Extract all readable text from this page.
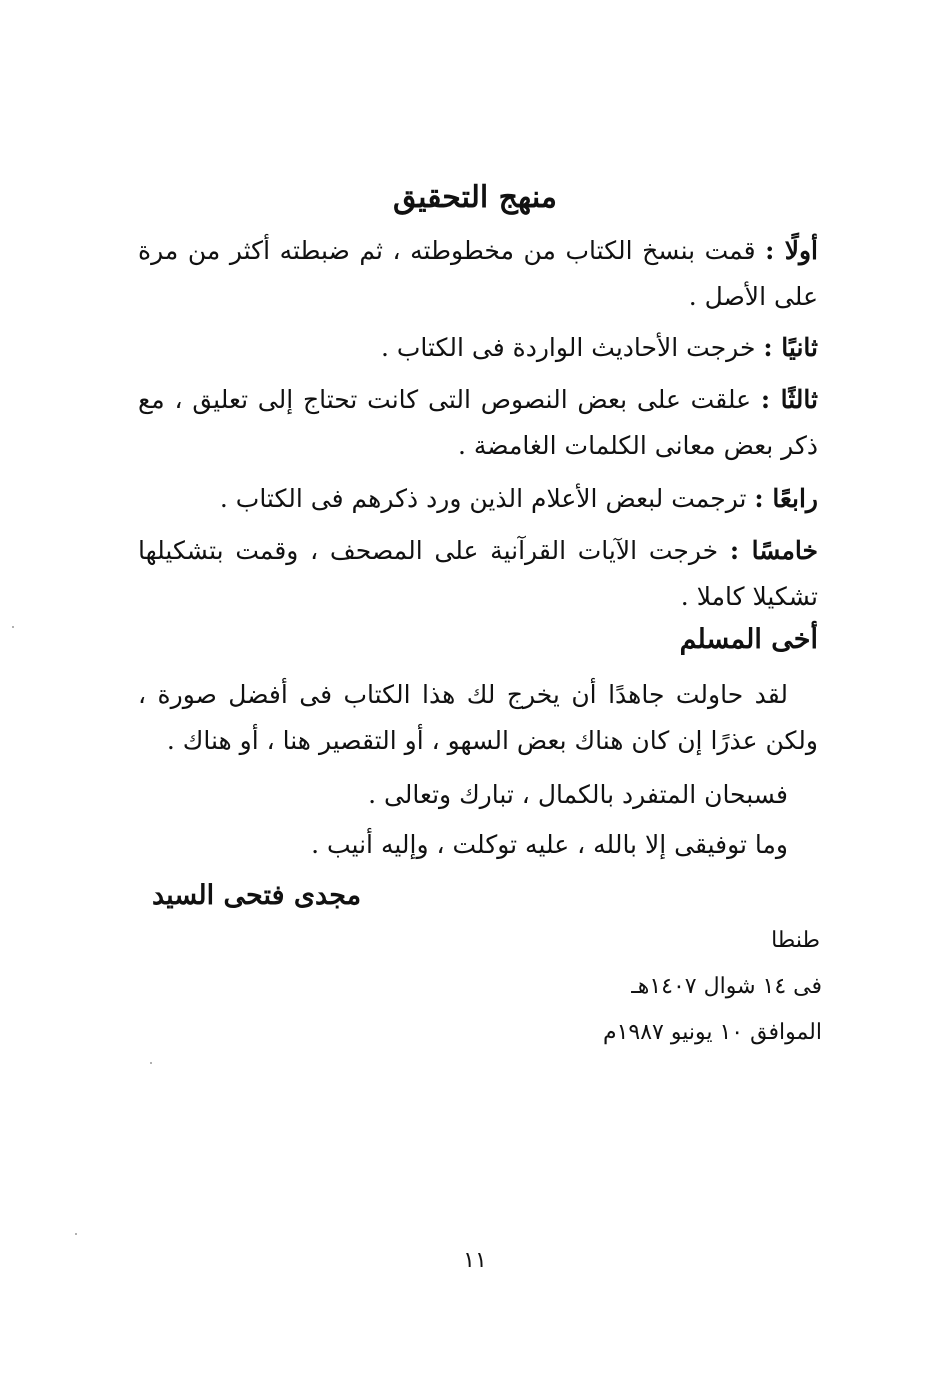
منهج التحقيق
أولًا : قمت بنسخ الكتاب من مخطوطته ، ثم ضبطته أكثر من مرة على الأصل .
ثانيًا : خرجت الأحاديث الواردة فى الكتاب .
ثالثًا : علقت على بعض النصوص التى كانت تحتاج إلى تعليق ، مع ذكر بعض معانى الكلمات الغامضة .
رابعًا : ترجمت لبعض الأعلام الذين ورد ذكرهم فى الكتاب .
خامسًا : خرجت الآيات القرآنية على المصحف ، وقمت بتشكيلها تشكيلا كاملا .
أخى المسلم
لقد حاولت جاهدًا أن يخرج لك هذا الكتاب فى أفضل صورة ، ولكن عذرًا إن كان هناك بعض السهو ، أو التقصير هنا ، أو هناك .
فسبحان المتفرد بالكمال ، تبارك وتعالى .
وما توفيقى إلا بالله ، عليه توكلت ، وإليه أنيب .
مجدى فتحى السيد
طنطا
فى ١٤ شوال ١٤٠٧هـ
الموافق ١٠ يونيو ١٩٨٧م
١١
